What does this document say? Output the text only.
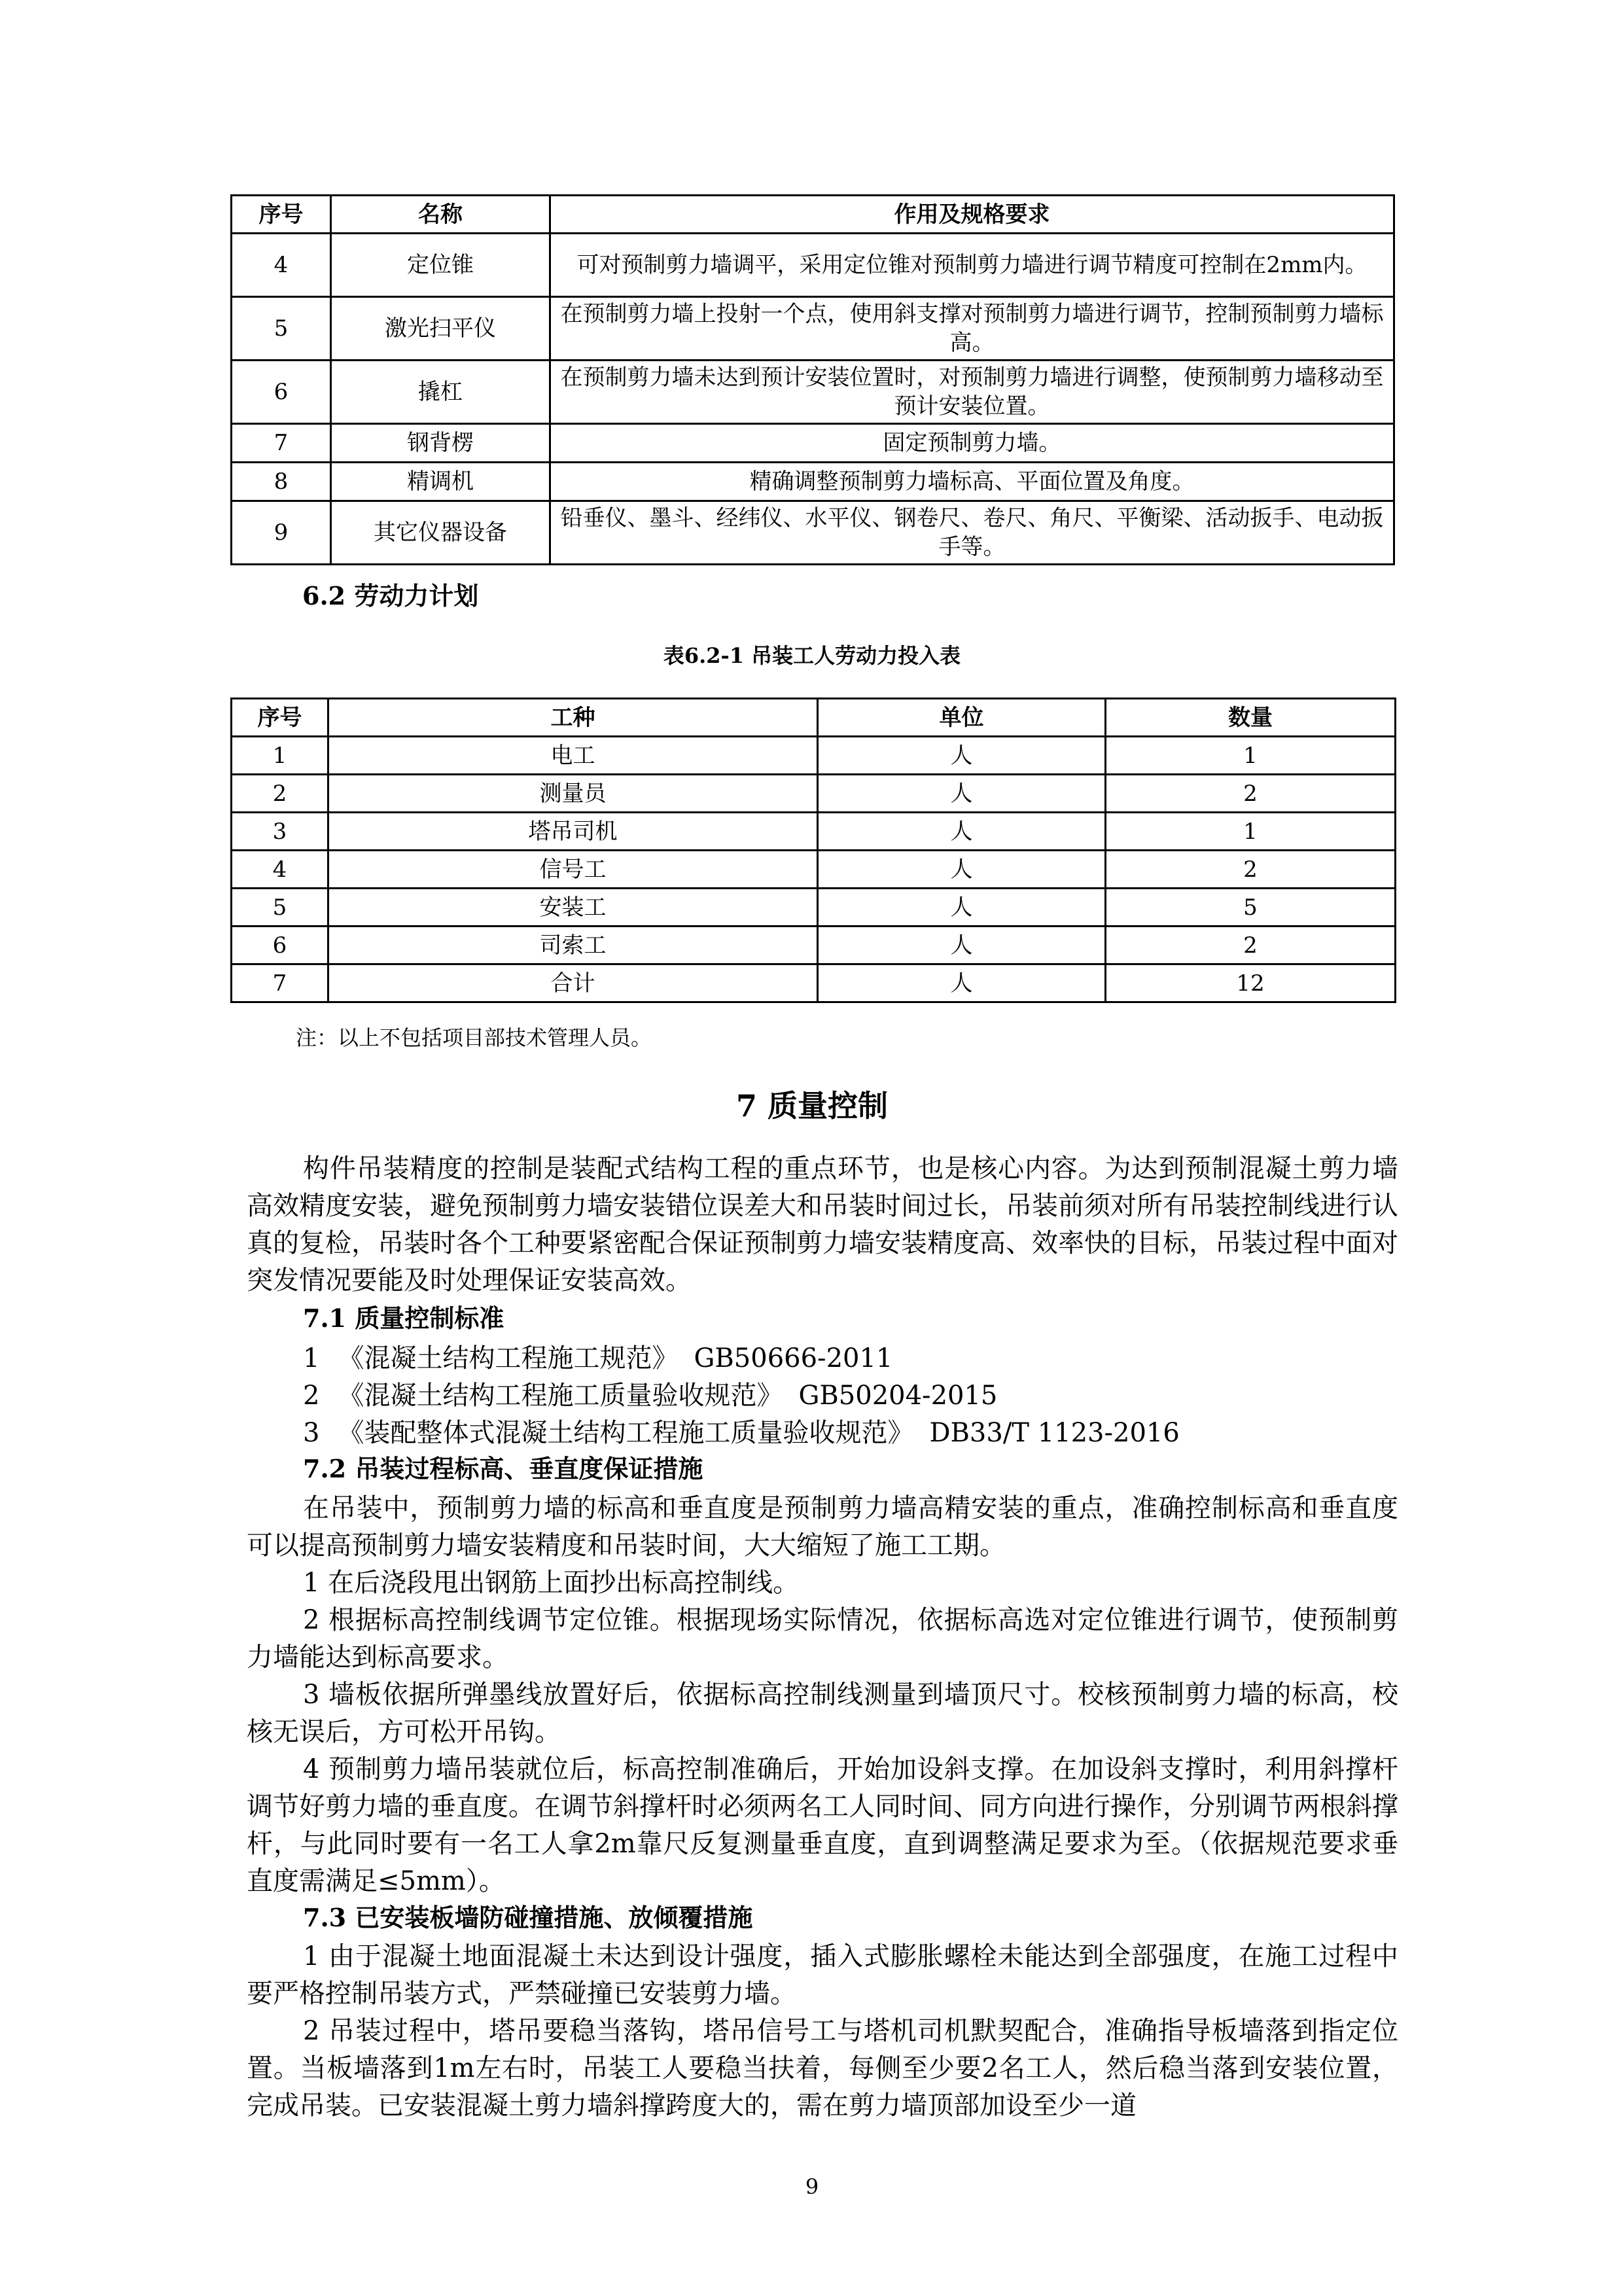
序号	名称	作用及规格要求
4	定位锥	可对预制剪力墙调平，采用定位锥对预制剪力墙进行调节精度可控制在2mm内。
5	激光扫平仪	在预制剪力墙上投射一个点，使用斜支撑对预制剪力墙进行调节，控制预制剪力墙标高。
6	撬杠	在预制剪力墙未达到预计安装位置时，对预制剪力墙进行调整，使预制剪力墙移动至预计安装位置。
7	钢背楞	固定预制剪力墙。
8	精调机	精确调整预制剪力墙标高、平面位置及角度。
9	其它仪器设备	铅垂仪、墨斗、经纬仪、水平仪、钢卷尺、卷尺、角尺、平衡梁、活动扳手、电动扳手等。
6.2 劳动力计划
表6.2-1 吊装工人劳动力投入表
序号	工种	单位	数量
1	电工	人	1
2	测量员	人	2
3	塔吊司机	人	1
4	信号工	人	2
5	安装工	人	5
6	司索工	人	2
7	合计	人	12
注：以上不包括项目部技术管理人员。
7 质量控制
构件吊装精度的控制是装配式结构工程的重点环节，也是核心内容。为达到预制混凝土剪力墙高效精度安装，避免预制剪力墙安装错位误差大和吊装时间过长，吊装前须对所有吊装控制线进行认真的复检，吊装时各个工种要紧密配合保证预制剪力墙安装精度高、效率快的目标，吊装过程中面对突发情况要能及时处理保证安装高效。
7.1 质量控制标准
1 《混凝土结构工程施工规范》 GB50666-2011
2 《混凝土结构工程施工质量验收规范》 GB50204-2015
3 《装配整体式混凝土结构工程施工质量验收规范》 DB33/T 1123-2016
7.2 吊装过程标高、垂直度保证措施
在吊装中，预制剪力墙的标高和垂直度是预制剪力墙高精安装的重点，准确控制标高和垂直度可以提高预制剪力墙安装精度和吊装时间，大大缩短了施工工期。
1 在后浇段甩出钢筋上面抄出标高控制线。
2 根据标高控制线调节定位锥。根据现场实际情况，依据标高选对定位锥进行调节，使预制剪力墙能达到标高要求。
3 墙板依据所弹墨线放置好后，依据标高控制线测量到墙顶尺寸。校核预制剪力墙的标高，校核无误后，方可松开吊钩。
4 预制剪力墙吊装就位后，标高控制准确后，开始加设斜支撑。在加设斜支撑时，利用斜撑杆调节好剪力墙的垂直度。在调节斜撑杆时必须两名工人同时间、同方向进行操作，分别调节两根斜撑杆，与此同时要有一名工人拿2m靠尺反复测量垂直度，直到调整满足要求为至。（依据规范要求垂直度需满足≤5mm）。
7.3 已安装板墙防碰撞措施、放倾覆措施
1 由于混凝土地面混凝土未达到设计强度，插入式膨胀螺栓未能达到全部强度，在施工过程中要严格控制吊装方式，严禁碰撞已安装剪力墙。
2 吊装过程中，塔吊要稳当落钩，塔吊信号工与塔机司机默契配合，准确指导板墙落到指定位置。当板墙落到1m左右时，吊装工人要稳当扶着，每侧至少要2名工人，然后稳当落到安装位置，完成吊装。已安装混凝土剪力墙斜撑跨度大的，需在剪力墙顶部加设至少一道
9
